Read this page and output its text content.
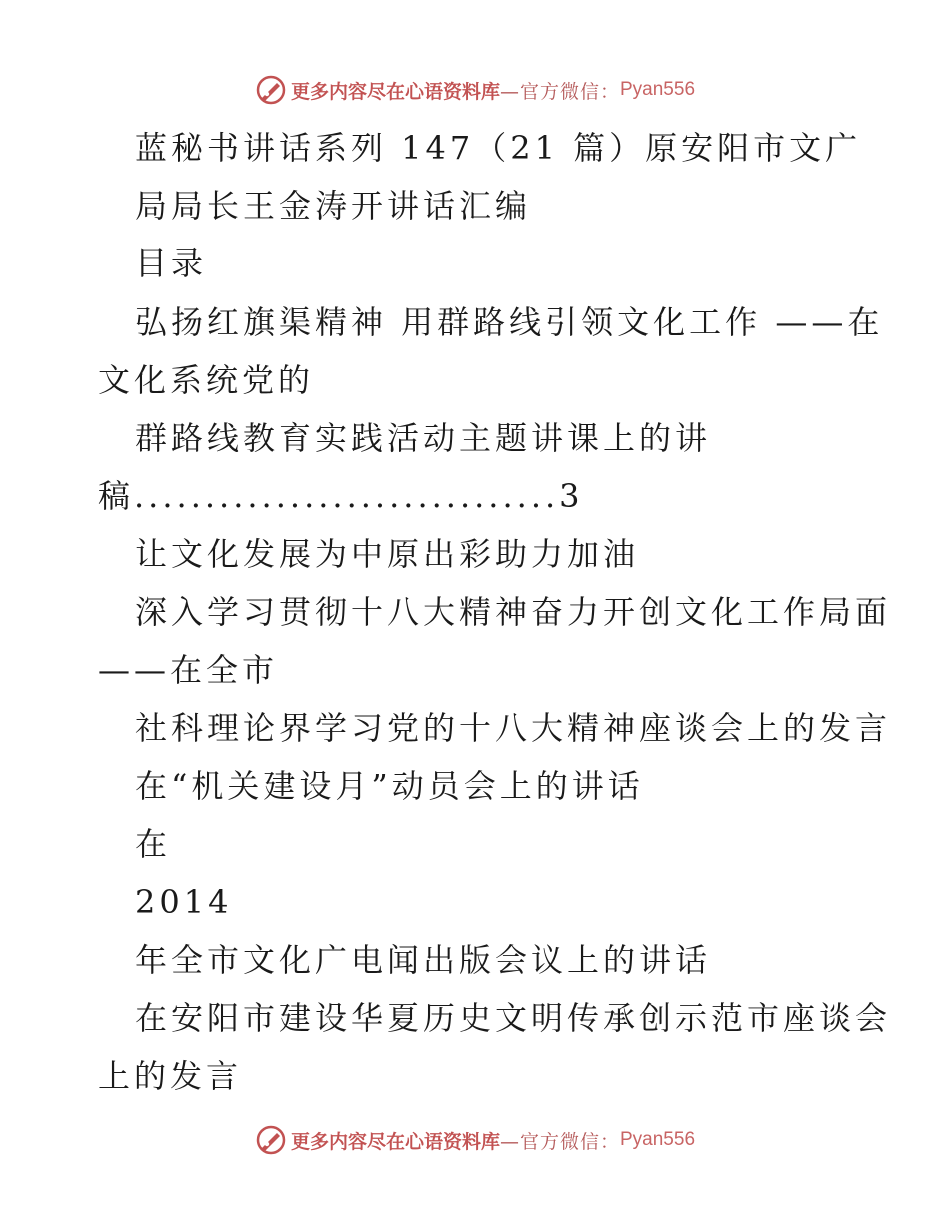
更多内容尽在心语资料库 —官方微信： Pyan556
蓝秘书讲话系列 147（21 篇）原安阳市文广
局局长王金涛开讲话汇编
目录
弘扬红旗渠精神 用群路线引领文化工作 ——在
文化系统党的
群路线教育实践活动主题讲课上的讲
稿..............................3
让文化发展为中原出彩助力加油
深入学习贯彻十八大精神奋力开创文化工作局面
——在全市
社科理论界学习党的十八大精神座谈会上的发言
在“机关建设月”动员会上的讲话
在
2014
年全市文化广电闻出版会议上的讲话
在安阳市建设华夏历史文明传承创示范市座谈会
上的发言
更多内容尽在心语资料库 —官方微信： Pyan556
